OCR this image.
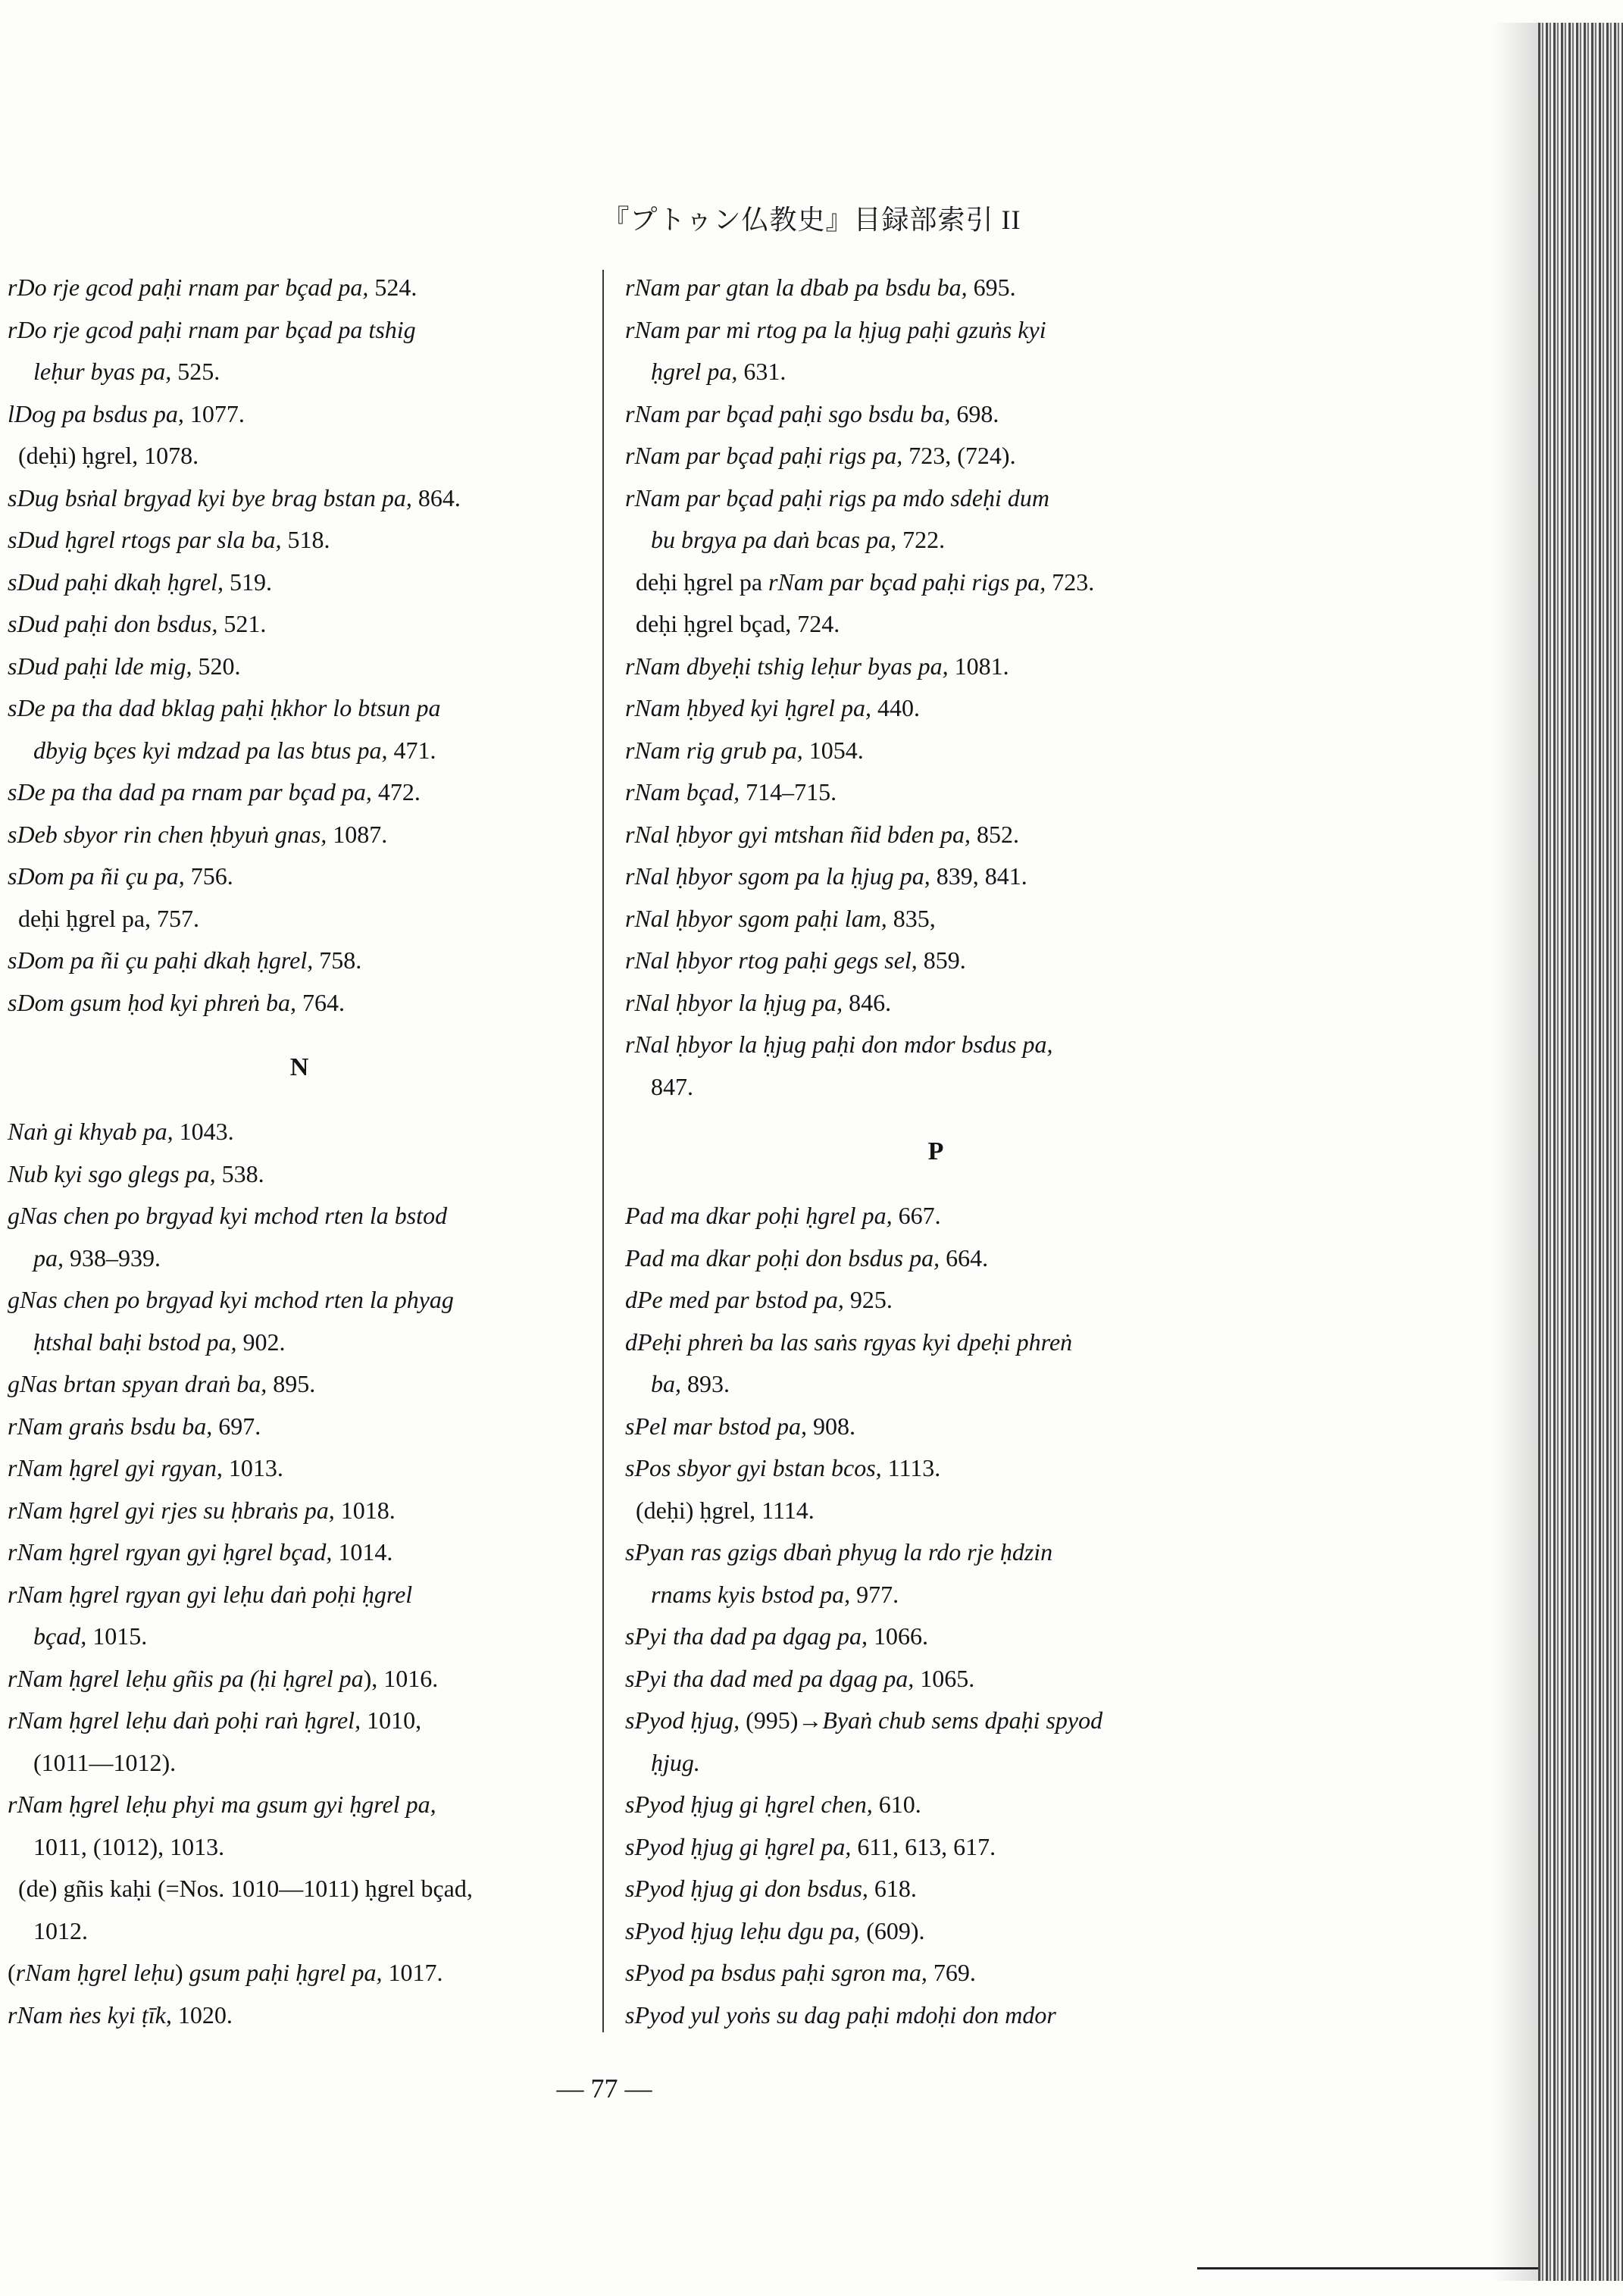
『プトゥン仏教史』目録部索引 II
rDo rje gcod paḥi rnam par bçad pa, 524.
rDo rje gcod paḥi rnam par bçad pa tshig
leḥur byas pa, 525.
lDog pa bsdus pa, 1077.
(deḥi) ḥgrel, 1078.
sDug bsṅal brgyad kyi bye brag bstan pa, 864.
sDud ḥgrel rtogs par sla ba, 518.
sDud paḥi dkaḥ ḥgrel, 519.
sDud paḥi don bsdus, 521.
sDud paḥi lde mig, 520.
sDe pa tha dad bklag paḥi ḥkhor lo btsun pa
dbyig bçes kyi mdzad pa las btus pa, 471.
sDe pa tha dad pa rnam par bçad pa, 472.
sDeb sbyor rin chen ḥbyuṅ gnas, 1087.
sDom pa ñi çu pa, 756.
deḥi ḥgrel pa, 757.
sDom pa ñi çu paḥi dkaḥ ḥgrel, 758.
sDom gsum ḥod kyi phreṅ ba, 764.
N
Naṅ gi khyab pa, 1043.
Nub kyi sgo glegs pa, 538.
gNas chen po brgyad kyi mchod rten la bstod
pa, 938–939.
gNas chen po brgyad kyi mchod rten la phyag
ḥtshal baḥi bstod pa, 902.
gNas brtan spyan draṅ ba, 895.
rNam graṅs bsdu ba, 697.
rNam ḥgrel gyi rgyan, 1013.
rNam ḥgrel gyi rjes su ḥbraṅs pa, 1018.
rNam ḥgrel rgyan gyi ḥgrel bçad, 1014.
rNam ḥgrel rgyan gyi leḥu daṅ poḥi ḥgrel
bçad, 1015.
rNam ḥgrel leḥu gñis pa (ḥi ḥgrel pa), 1016.
rNam ḥgrel leḥu daṅ poḥi raṅ ḥgrel, 1010,
(1011—1012).
rNam ḥgrel leḥu phyi ma gsum gyi ḥgrel pa,
1011, (1012), 1013.
(de) gñis kaḥi (=Nos. 1010—1011) ḥgrel bçad,
1012.
(rNam ḥgrel leḥu) gsum paḥi ḥgrel pa, 1017.
rNam ṅes kyi ṭīk, 1020.
rNam par gtan la dbab pa bsdu ba, 695.
rNam par mi rtog pa la ḥjug paḥi gzuṅs kyi
ḥgrel pa, 631.
rNam par bçad paḥi sgo bsdu ba, 698.
rNam par bçad paḥi rigs pa, 723, (724).
rNam par bçad paḥi rigs pa mdo sdeḥi dum
bu brgya pa daṅ bcas pa, 722.
deḥi ḥgrel pa rNam par bçad paḥi rigs pa, 723.
deḥi ḥgrel bçad, 724.
rNam dbyeḥi tshig leḥur byas pa, 1081.
rNam ḥbyed kyi ḥgrel pa, 440.
rNam rig grub pa, 1054.
rNam bçad, 714–715.
rNal ḥbyor gyi mtshan ñid bden pa, 852.
rNal ḥbyor sgom pa la ḥjug pa, 839, 841.
rNal ḥbyor sgom paḥi lam, 835,
rNal ḥbyor rtog paḥi gegs sel, 859.
rNal ḥbyor la ḥjug pa, 846.
rNal ḥbyor la ḥjug paḥi don mdor bsdus pa,
847.
P
Pad ma dkar poḥi ḥgrel pa, 667.
Pad ma dkar poḥi don bsdus pa, 664.
dPe med par bstod pa, 925.
dPeḥi phreṅ ba las saṅs rgyas kyi dpeḥi phreṅ
ba, 893.
sPel mar bstod pa, 908.
sPos sbyor gyi bstan bcos, 1113.
(deḥi) ḥgrel, 1114.
sPyan ras gzigs dbaṅ phyug la rdo rje ḥdzin
rnams kyis bstod pa, 977.
sPyi tha dad pa dgag pa, 1066.
sPyi tha dad med pa dgag pa, 1065.
sPyod ḥjug, (995)→Byaṅ chub sems dpaḥi spyod
ḥjug.
sPyod ḥjug gi ḥgrel chen, 610.
sPyod ḥjug gi ḥgrel pa, 611, 613, 617.
sPyod ḥjug gi don bsdus, 618.
sPyod ḥjug leḥu dgu pa, (609).
sPyod pa bsdus paḥi sgron ma, 769.
sPyod yul yoṅs su dag paḥi mdoḥi don mdor
— 77 —
